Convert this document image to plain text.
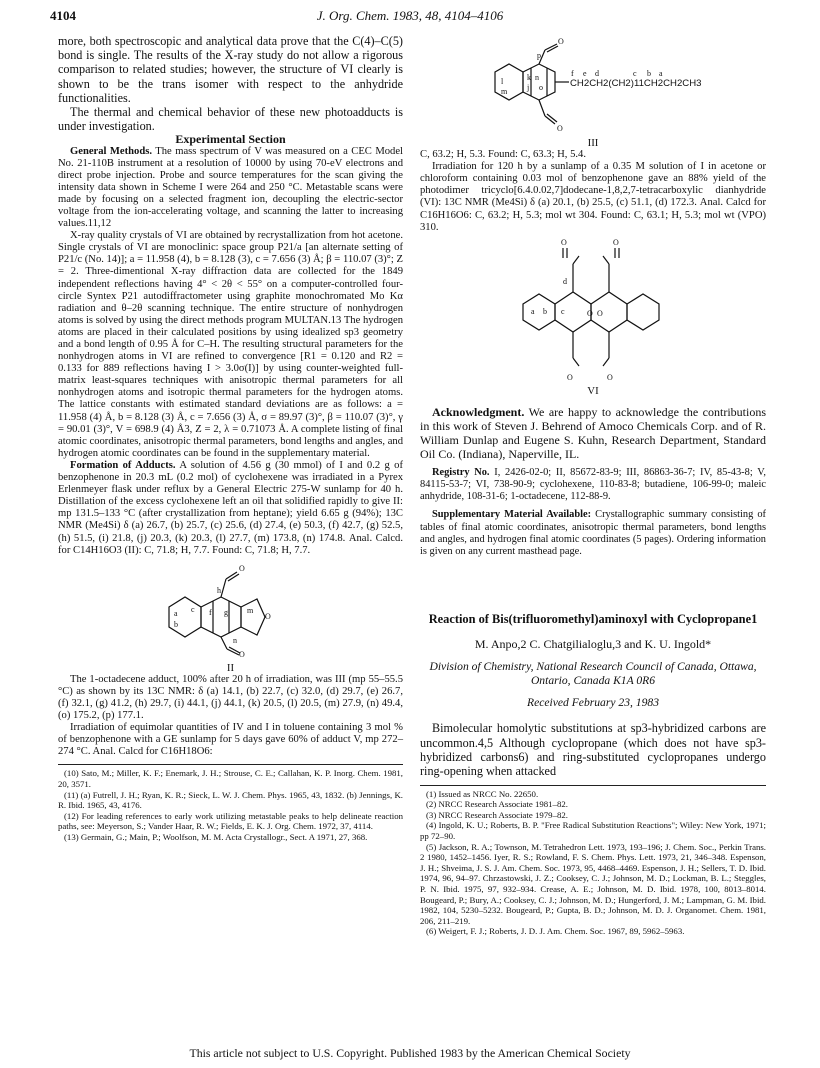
4104	J. Org. Chem. 1983, 48, 4104–4106

more, both spectroscopic and analytical data prove that the C(4)–C(5) bond is single. The results of the X-ray study do not allow a rigorous comparison to related studies; however, the structure of VI clearly is shown to be the trans isomer with respect to the anhydride functionalities.

The thermal and chemical behavior of these new photoadducts is under investigation.

Experimental Section

General Methods. The mass spectrum of V was measured on a CEC Model No. 21-110B instrument at a resolution of 10000 by using 70-eV electrons and direct probe injection. Probe and source temperatures for the scan giving the intensity data shown in Scheme I were 264 and 250 °C. Metastable scans were made by focusing on a selected fragment ion, decoupling the electric-sector voltage from the ion-accelerating voltage, and scanning the latter to increasing values.11,12

X-ray quality crystals of VI are obtained by recrystallization from hot acetone. Single crystals of VI are monoclinic: space group P21/a [an alternate setting of P21/c (No. 14)]; a = 11.958 (4), b = 8.128 (3), c = 7.656 (3) Å; β = 110.07 (3)°; Z = 2. Three-dimentional X-ray diffraction data are collected for the 1849 independent reflections having 4° < 2θ < 55° on a computer-controlled four-circle Syntex P21 autodiffractometer using graphite monochromated Mo Kα radiation and θ–2θ scanning technique. The entire structure of nonhydrogen atoms is solved by using the direct methods program MULTAN.13 The hydrogen atoms are placed in their calculated positions by using idealized sp3 geometry and a bond length of 0.95 Å for C–H. The resulting structural parameters for the nonhydrogen atoms in VI are refined to convergence [R1 = 0.120 and R2 = 0.133 for 889 reflections having I > 3.0σ(I)] by using counter-weighted full-matrix least-squares techniques with anisotropic thermal parameters for all nonhydrogen atoms and isotropic thermal parameters for the hydrogen atoms. The lattice constants with estimated standard deviations are as follows: a = 11.958 (4) Å, b = 8.128 (3) Å, c = 7.656 (3) Å, σ = 89.97 (3)°, β = 110.07 (3)°, γ = 90.01 (3)°, V = 698.9 (4) Å3, Z = 2, λ = 0.71073 Å. A complete listing of final atomic coordinates, anisotropic thermal parameters, bond lengths and angles, and hydrogen atomic coordinates can be found in the supplementary material.

Formation of Adducts. A solution of 4.56 g (30 mmol) of I and 0.2 g of benzophenone in 20.3 mL (0.2 mol) of cyclohexene was irradiated in a Pyrex Erlenmeyer flask under reflux by a General Electric 275-W sunlamp for 40 h. Distillation of the excess cyclohexene left an oil that solidified rapidly to give II: mp 131.5–133 °C (after crystallization from heptane); yield 6.65 g (94%); 13C NMR (Me4Si) δ (a) 26.7, (b) 25.7, (c) 25.6, (d) 27.4, (e) 50.3, (f) 42.7, (g) 52.5, (h) 51.5, (i) 21.8, (j) 20.3, (k) 20.3, (l) 27.7, (m) 173.8, (n) 174.8. Anal. Calcd. for C14H16O3 (II): C, 71.8; H, 7.7. Found: C, 71.8; H, 7.7.

O
O
O
a
b
c f g m
h
n
II

The 1-octadecene adduct, 100% after 20 h of irradiation, was III (mp 55–55.5 °C) as shown by its 13C NMR: δ (a) 14.1, (b) 22.7, (c) 32.0, (d) 29.7, (e) 26.7, (f) 32.1, (g) 41.2, (h) 29.7, (i) 44.1, (j) 44.1, (k) 20.5, (l) 20.5, (m) 27.9, (n) 49.4, (o) 175.2, (p) 177.1.

Irradiation of equimolar quantities of IV and I in toluene containing 3 mol % of benzophenone with a GE sunlamp for 5 days gave 60% of adduct V, mp 272–274 °C. Anal. Calcd for C16H18O6:

(10) Sato, M.; Miller, K. F.; Enemark, J. H.; Strouse, C. E.; Callahan, K. P. Inorg. Chem. 1981, 20, 3571.
(11) (a) Futrell, J. H.; Ryan, K. R.; Sieck, L. W. J. Chem. Phys. 1965, 43, 1832. (b) Jennings, K. R. Ibid. 1965, 43, 4176.
(12) For leading references to early work utilizing metastable peaks to help delineate reaction paths, see: Meyerson, S.; Vander Haar, R. W.; Fields, E. K. J. Org. Chem. 1972, 37, 4114.
(13) Germain, G.; Main, P.; Woolfson, M. M. Acta Crystallogr., Sect. A 1971, 27, 368.
O
O
l
m
k n
j o
p
f e d	c b a
CH2CH2(CH2)11CH2CH2CH3
III

C, 63.2; H, 5.3. Found: C, 63.3; H, 5.4.

Irradiation for 120 h by a sunlamp of a 0.35 M solution of I in acetone or chloroform containing 0.03 mol of benzophenone gave an 88% yield of the photodimer tricyclo[6.4.0.02,7]dodecane-1,8,2,7-tetracarboxylic dianhydride (VI): 13C NMR (Me4Si) δ (a) 20.1, (b) 25.5, (c) 51.1, (d) 172.3. Anal. Calcd for C16H16O6: C, 63.2; H, 5.3; mol wt 304. Found: C, 63.1; H, 5.3; mol wt (VPO) 310.

O	O
O O
O	O
d
a b c
VI

Acknowledgment. We are happy to acknowledge the contributions in this work of Steven J. Behrend of Amoco Chemicals Corp. and of R. William Dunlap and Eugene S. Kuhn, Research Department, Standard Oil Co. (Indiana), Naperville, IL.

Registry No. I, 2426-02-0; II, 85672-83-9; III, 86863-36-7; IV, 85-43-8; V, 84115-53-7; VI, 738-90-9; cyclohexene, 110-83-8; butadiene, 106-99-0; maleic anhydride, 108-31-6; 1-octadecene, 112-88-9.

Supplementary Material Available: Crystallographic summary consisting of tables of final atomic coordinates, anisotropic thermal parameters, bond lengths and angles, and hydrogen final atomic coordinates (5 pages). Ordering information is given on any current masthead page.

Reaction of Bis(trifluoromethyl)aminoxyl with Cyclopropane1
M. Anpo,2 C. Chatgilialoglu,3 and K. U. Ingold*
Division of Chemistry, National Research Council of Canada, Ottawa, Ontario, Canada K1A 0R6
Received February 23, 1983

Bimolecular homolytic substitutions at sp3-hybridized carbons are uncommon.4,5 Although cyclopropane (which does not have sp3-hybridized carbons6) and ring-substituted cyclopropanes undergo ring-opening when attacked

(1) Issued as NRCC No. 22650.
(2) NRCC Research Associate 1981–82.
(3) NRCC Research Associate 1979–82.
(4) Ingold, K. U.; Roberts, B. P. "Free Radical Substitution Reactions"; Wiley: New York, 1971; pp 72–90.
(5) Jackson, R. A.; Townson, M. Tetrahedron Lett. 1973, 193–196; J. Chem. Soc., Perkin Trans. 2 1980, 1452–1456. Iyer, R. S.; Rowland, F. S. Chem. Phys. Lett. 1973, 21, 346–348. Espenson, J. H.; Shveima, J. S. J. Am. Chem. Soc. 1973, 95, 4468–4469. Espenson, J. H.; Sellers, T. D. Ibid. 1974, 96, 94–97. Chrzastowski, J. Z.; Cooksey, C. J.; Johnson, M. D.; Lockman, B. L.; Steggles, P. N. Ibid. 1975, 97, 932–934. Crease, A. E.; Johnson, M. D. Ibid. 1978, 100, 8013–8014. Bougeard, P.; Bury, A.; Cooksey, C. J.; Johnson, M. D.; Hungerford, J. M.; Lampman, G. M. Ibid. 1982, 104, 5230–5232. Bougeard, P.; Gupta, B. D.; Johnson, M. D. J. Organomet. Chem. 1981, 206, 211–219.
(6) Weigert, F. J.; Roberts, J. D. J. Am. Chem. Soc. 1967, 89, 5962–5963.
This article not subject to U.S. Copyright. Published 1983 by the American Chemical Society
